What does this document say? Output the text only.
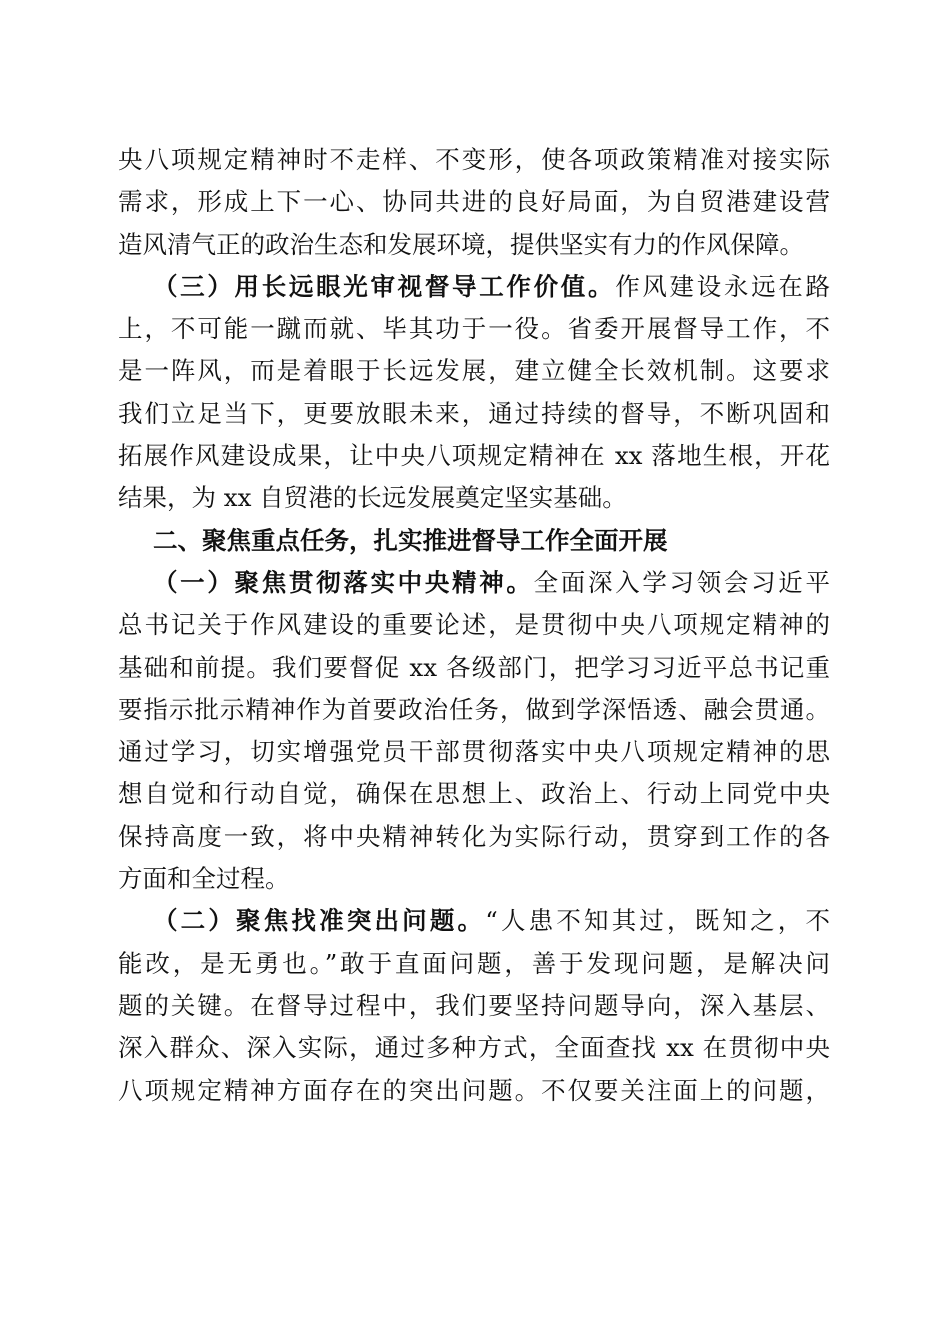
央八项规定精神时不走样、不变形，使各项政策精准对接实际
需求，形成上下一心、协同共进的良好局面，为自贸港建设营
造风清气正的政治生态和发展环境，提供坚实有力的作风保障。
（三）用长远眼光审视督导工作价值。作风建设永远在路
上，不可能一蹴而就、毕其功于一役。省委开展督导工作，不
是一阵风，而是着眼于长远发展，建立健全长效机制。这要求
我们立足当下，更要放眼未来，通过持续的督导，不断巩固和
拓展作风建设成果，让中央八项规定精神在 xx 落地生根，开花
结果，为 xx 自贸港的长远发展奠定坚实基础。
二、聚焦重点任务，扎实推进督导工作全面开展
（一）聚焦贯彻落实中央精神。全面深入学习领会习近平
总书记关于作风建设的重要论述，是贯彻中央八项规定精神的
基础和前提。我们要督促 xx 各级部门，把学习习近平总书记重
要指示批示精神作为首要政治任务，做到学深悟透、融会贯通。
通过学习，切实增强党员干部贯彻落实中央八项规定精神的思
想自觉和行动自觉，确保在思想上、政治上、行动上同党中央
保持高度一致，将中央精神转化为实际行动，贯穿到工作的各
方面和全过程。
（二）聚焦找准突出问题。“人患不知其过，既知之，不
能改，是无勇也。”敢于直面问题，善于发现问题，是解决问
题的关键。在督导过程中，我们要坚持问题导向，深入基层、
深入群众、深入实际，通过多种方式，全面查找 xx 在贯彻中央
八项规定精神方面存在的突出问题。不仅要关注面上的问题，
